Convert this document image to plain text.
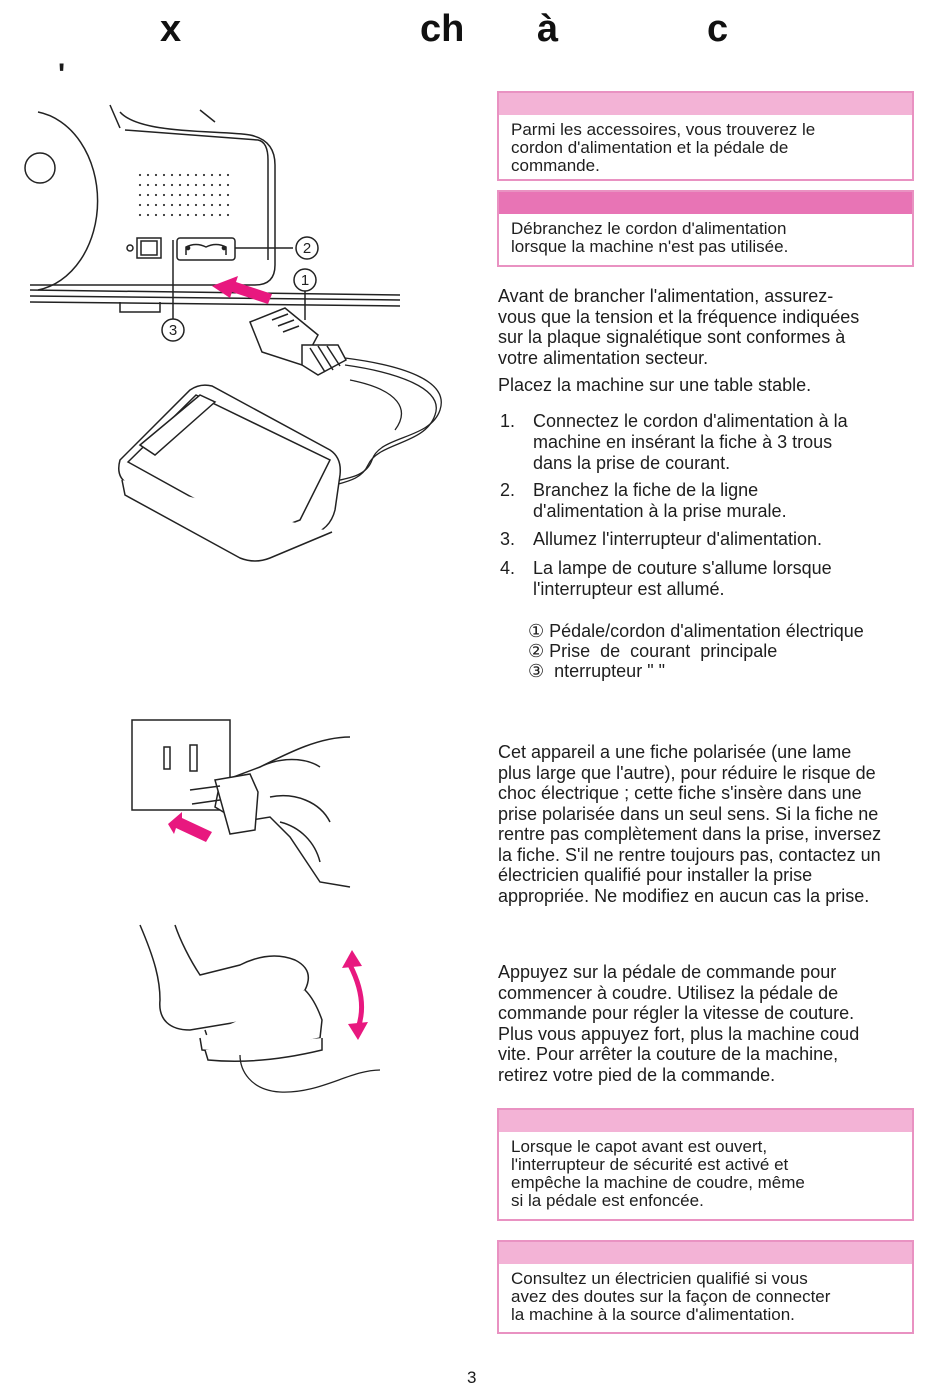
x	ch à	c
'
2
3
1
Parmi les accessoires, vous trouverez le
cordon d'alimentation et la pédale de
commande.
Débranchez le cordon d'alimentation
lorsque la machine n'est pas utilisée.
Avant de brancher l'alimentation, assurez-
vous que la tension et la fréquence indiquées
sur la plaque signalétique sont conformes à
votre alimentation secteur.
Placez la machine sur une table stable.
1. Connectez le cordon d'alimentation à la
machine en insérant la fiche à 3 trous
dans la prise de courant.
2. Branchez la fiche de la ligne
d'alimentation à la prise murale.
3. Allumez l'interrupteur d'alimentation.
4. La lampe de couture s'allume lorsque
l'interrupteur est allumé.
① Pédale/cordon d'alimentation électrique
② Prise  de  courant  principale
③  nterrupteur " "
Cet appareil a une fiche polarisée (une lame
plus large que l'autre), pour réduire le risque de
choc électrique ; cette fiche s'insère dans une
prise polarisée dans un seul sens. Si la fiche ne
rentre pas complètement dans la prise, inversez
la fiche. S'il ne rentre toujours pas, contactez un
électricien qualifié pour installer la prise
appropriée. Ne modifiez en aucun cas la prise.
Appuyez sur la pédale de commande pour
commencer à coudre. Utilisez la pédale de
commande pour régler la vitesse de couture.
Plus vous appuyez fort, plus la machine coud
vite. Pour arrêter la couture de la machine,
retirez votre pied de la commande.
Lorsque le capot avant est ouvert,
l'interrupteur de sécurité est activé et
empêche la machine de coudre, même
si la pédale est enfoncée.
Consultez un électricien qualifié si vous
avez des doutes sur la façon de connecter
la machine à la source d'alimentation.
3
